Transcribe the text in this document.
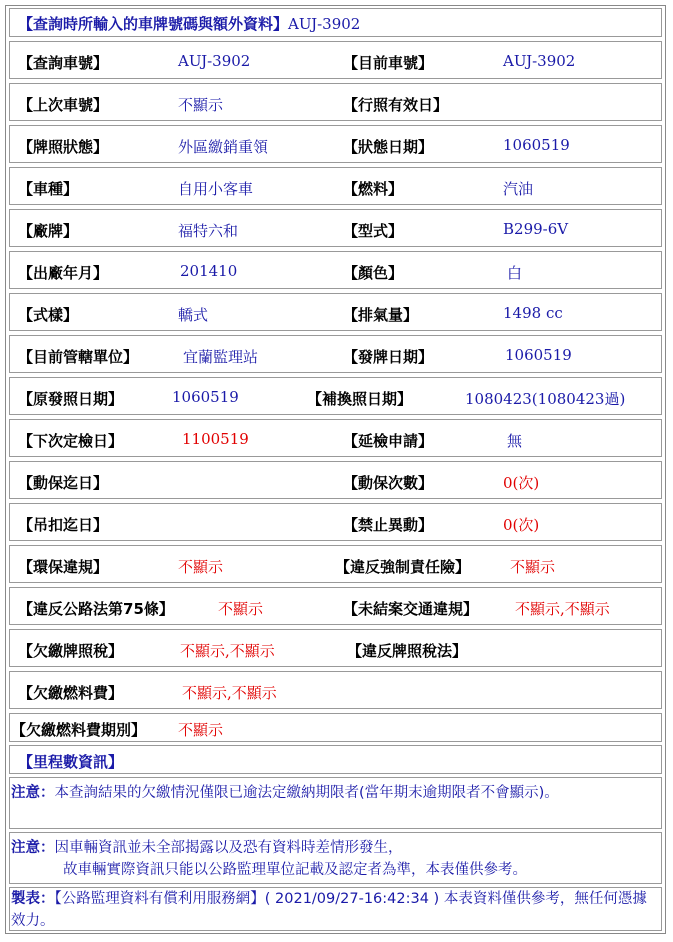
【查詢時所輸入的車牌號碼與額外資料】AUJ-3902
【查詢車號】	AUJ-3902	【目前車號】	AUJ-3902
【上次車號】	不顯示	【行照有效日】
【牌照狀態】	外區繳銷重領	【狀態日期】	1060519
【車種】	自用小客車	【燃料】	汽油
【廠牌】	福特六和	【型式】	B299-6V
【出廠年月】	201410	【顏色】	白
【式樣】	轎式	【排氣量】	1498 cc
【目前管轄單位】	宜蘭監理站	【發牌日期】	1060519
【原發照日期】	1060519	【補換照日期】	1080423(1080423過)
【下次定檢日】	1100519	【延檢申請】	無
【動保迄日】	【動保次數】	0(次)
【吊扣迄日】	【禁止異動】	0(次)
【環保違規】	不顯示	【違反強制責任險】	不顯示
【違反公路法第75條】	不顯示	【未結案交通違規】 不顯示,不顯示
【欠繳牌照稅】	不顯示,不顯示	【違反牌照稅法】
【欠繳燃料費】	不顯示,不顯示
【欠繳燃料費期別】 不顯示
【里程數資訊】
注意：本查詢結果的欠繳情況僅限已逾法定繳納期限者(當年期末逾期限者不會顯示)。
注意：因車輛資訊並未全部揭露以及恐有資料時差情形發生，
故車輛實際資訊只能以公路監理單位記載及認定者為準，本表僅供參考。
製表：【公路監理資料有償利用服務網】( 2021/09/27-16:42:34 ) 本表資料僅供參考，無任何憑據效力。
